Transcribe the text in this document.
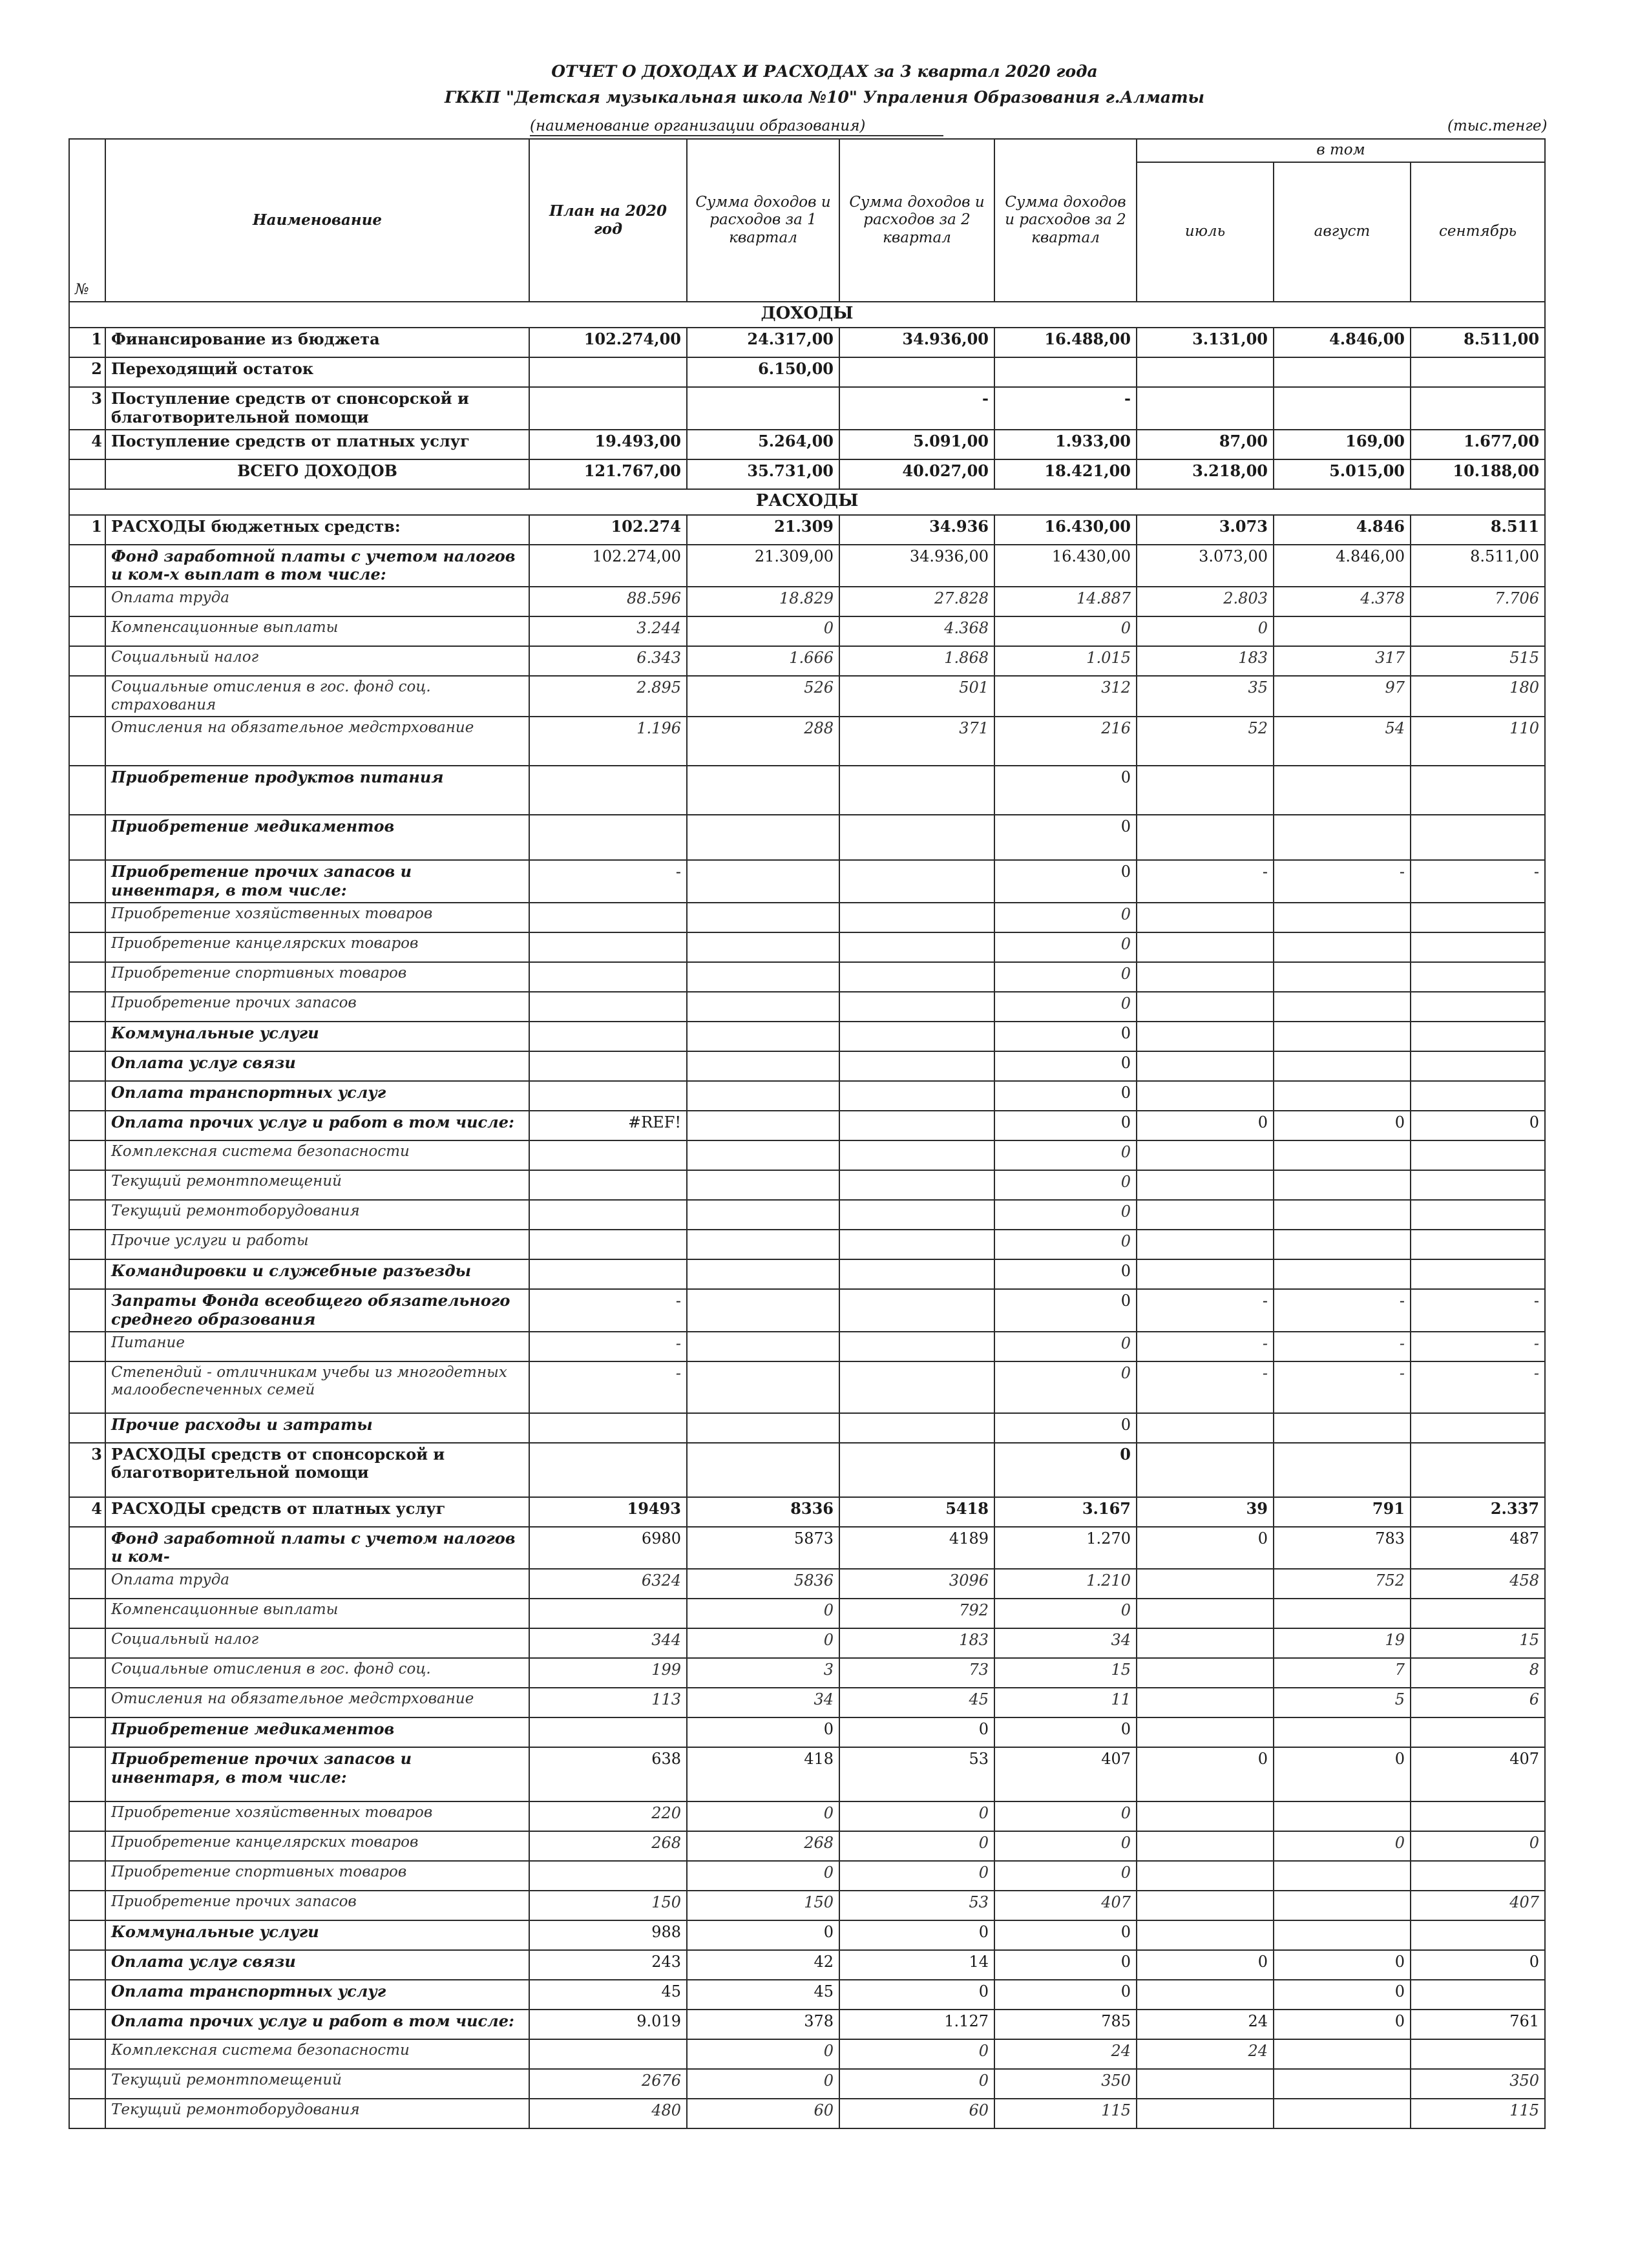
ОТЧЕТ О ДОХОДАХ И РАСХОДАХ за 3 квартал 2020 года
ГККП "Детская музыкальная школа №10" Упраления Образования г.Алматы
(наименование организации образования)	(тыс.тенге)
№	Наименование	План на 2020 год	Сумма доходов и расходов за 1 квартал	Сумма доходов и расходов за 2 квартал	Сумма доходов и расходов за 2 квартал	в том		
						июль	август	сентябрь
ДОХОДЫ								
1	Финансирование из бюджета	102.274,00	24.317,00	34.936,00	16.488,00	3.131,00	4.846,00	8.511,00
2	Переходящий остаток		6.150,00					
3	Поступление средств от спонсорской и благотворительной помощи			-	-			
4	Поступление средств от платных услуг	19.493,00	5.264,00	5.091,00	1.933,00	87,00	169,00	1.677,00
	ВСЕГО ДОХОДОВ	121.767,00	35.731,00	40.027,00	18.421,00	3.218,00	5.015,00	10.188,00
РАСХОДЫ								
1	РАСХОДЫ бюджетных средств:	102.274	21.309	34.936	16.430,00	3.073	4.846	8.511
	Фонд заработной платы с учетом налогов и ком-х выплат в том числе:	102.274,00	21.309,00	34.936,00	16.430,00	3.073,00	4.846,00	8.511,00
	Оплата труда	88.596	18.829	27.828	14.887	2.803	4.378	7.706
	Компенсационные выплаты	3.244	0	4.368	0	0		
	Социальный налог	6.343	1.666	1.868	1.015	183	317	515
	Социальные отисления в гос. фонд соц. страхования	2.895	526	501	312	35	97	180
	Отисления на обязательное медстрхование	1.196	288	371	216	52	54	110
	Приобретение продуктов питания				0			
	Приобретение медикаментов				0			
	Приобретение прочих запасов и инвентаря, в том числе:	-			0	-	-	-
	Приобретение хозяйственных товаров				0			
	Приобретение канцелярских товаров				0			
	Приобретение спортивных товаров				0			
	Приобретение прочих запасов				0			
	Коммунальные услуги				0			
	Оплата услуг связи				0			
	Оплата транспортных услуг				0			
	Оплата прочих услуг и работ в том числе:	#REF!			0	0	0	0
	Комплексная система безопасности				0			
	Текущий ремонтпомещений				0			
	Текущий ремонтоборудования				0			
	Прочие услуги и работы				0			
	Командировки и служебные разъезды				0			
	Запраты Фонда всеобщего обязательного среднего образования	-			0	-	-	-
	Питание	-			0	-	-	-
	Степендий - отличникам учебы из многодетных малообеспеченных семей	-			0	-	-	-
	Прочие расходы и затраты				0			
3	РАСХОДЫ средств от спонсорской и благотворительной помощи				0			
4	РАСХОДЫ средств от платных услуг	19493	8336	5418	3.167	39	791	2.337
	Фонд заработной платы с учетом налогов и ком-	6980	5873	4189	1.270	0	783	487
	Оплата труда	6324	5836	3096	1.210		752	458
	Компенсационные выплаты		0	792	0			
	Социальный налог	344	0	183	34		19	15
	Социальные отисления в гос. фонд соц.	199	3	73	15		7	8
	Отисления на обязательное медстрхование	113	34	45	11		5	6
	Приобретение медикаментов		0	0	0			
	Приобретение прочих запасов и инвентаря, в том числе:	638	418	53	407	0	0	407
	Приобретение хозяйственных товаров	220	0	0	0			
	Приобретение канцелярских товаров	268	268	0	0		0	0
	Приобретение спортивных товаров		0	0	0			
	Приобретение прочих запасов	150	150	53	407			407
	Коммунальные услуги	988	0	0	0			
	Оплата услуг связи	243	42	14	0	0	0	0
	Оплата транспортных услуг	45	45	0	0		0	
	Оплата прочих услуг и работ в том числе:	9.019	378	1.127	785	24	0	761
	Комплексная система безопасности		0	0	24	24		
	Текущий ремонтпомещений	2676	0	0	350			350
	Текущий ремонтоборудования	480	60	60	115			115
